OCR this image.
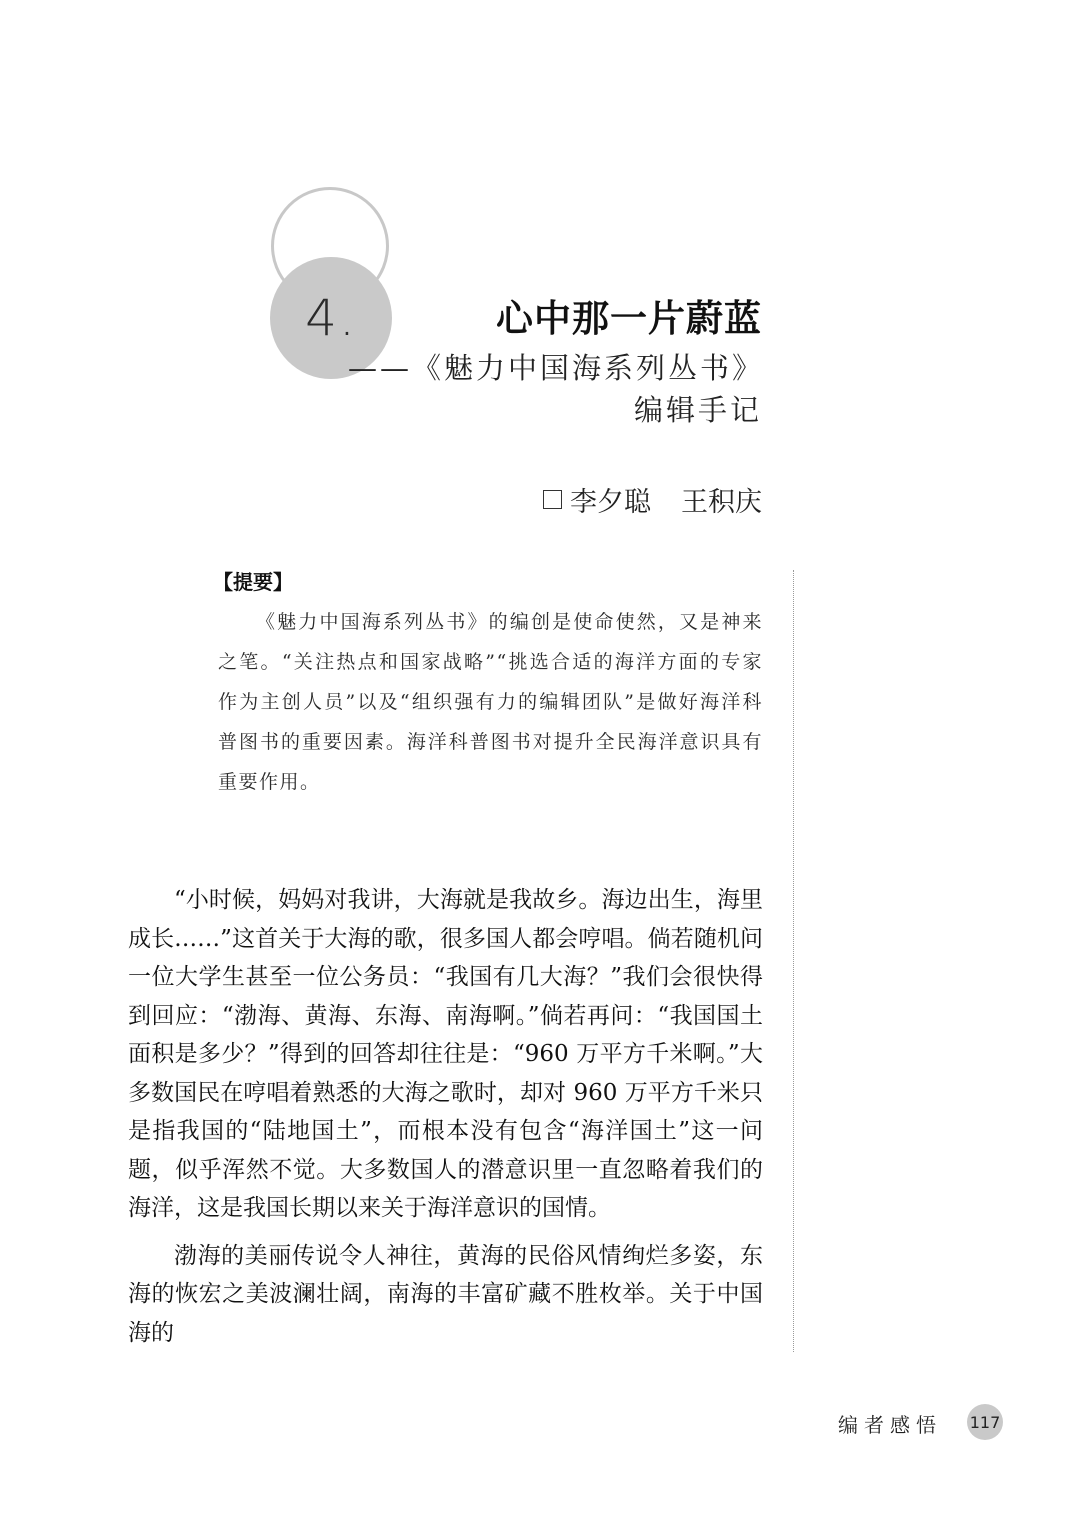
4.	心中那一片蔚蓝
——《魅力中国海系列丛书》
编辑手记
李夕聪 王积庆
【提要】
《魅力中国海系列丛书》的编创是使命使然，又是神来之笔。“关注热点和国家战略”“挑选合适的海洋方面的专家作为主创人员”以及“组织强有力的编辑团队”是做好海洋科普图书的重要因素。海洋科普图书对提升全民海洋意识具有重要作用。

“小时候，妈妈对我讲，大海就是我故乡。海边出生，海里成长……”这首关于大海的歌，很多国人都会哼唱。倘若随机问一位大学生甚至一位公务员：“我国有几大海？”我们会很快得到回应：“渤海、黄海、东海、南海啊。”倘若再问：“我国国土面积是多少？”得到的回答却往往是：“960 万平方千米啊。”大多数国民在哼唱着熟悉的大海之歌时，却对 960 万平方千米只是指我国的“陆地国土”，而根本没有包含“海洋国土”这一问题，似乎浑然不觉。大多数国人的潜意识里一直忽略着我们的海洋，这是我国长期以来关于海洋意识的国情。

渤海的美丽传说令人神往，黄海的民俗风情绚烂多姿，东海的恢宏之美波澜壮阔，南海的丰富矿藏不胜枚举。关于中国海的

编者感悟 117
